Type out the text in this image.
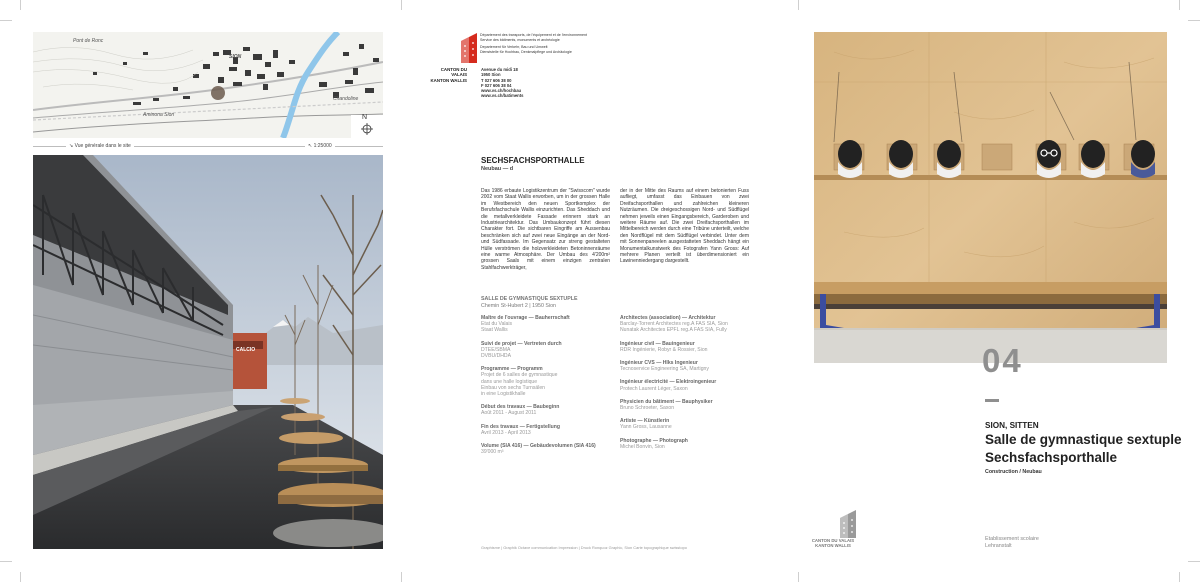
Pont de Ronc
SION
Chandoline
Aminona Sion	N
↘ Vue générale dans le site	↖ 1:25000
CALCIO
Département des transports, de l'équipement et de l'environnement
Service des bâtiments, monuments et archéologie
Departement für Verkehr, Bau und Umwelt
Dienststelle für Hochbau, Denkmalpflege und Archäologie
CANTON DU VALAIS
KANTON WALLIS
Avenue du midi 18
1950 Sion
T 027 606 38 00
F 027 606 38 04
www.vs.ch/hochbau
www.vs.ch/batiments
SECHSFACHSPORTHALLE
Neubau — d
Das 1986 erbaute Logistikzentrum der "Swisscom" wurde 2002 vom Staat Wallis erworben, um in der grossen Halle im Westbereich den neuen Sportkomplex der Berufsfachschule Wallis einzurichten. Das Sheddach und die metallverkleidete Fassade erinnern stark an Industriearchitektur. Das Umbaukonzept führt diesen Charakter fort. Die sichtbaren Eingriffe am Aussenbau beschränken sich auf zwei neue Eingänge an der Nord- und Südfassade. Im Gegensatz zur streng gestalteten Hülle verströmen die holzverkleideten Betoninnenräume eine warme Atmosphäre. Der Umbau des 4'200m² grossen Saals mit einem einzigen zentralen Stahlfachwerkträger,
der in der Mitte des Raums auf einem betonierten Fuss aufliegt, umfasst das Einbauen von zwei Dreifachsporthallen und zahlreichen kleineren Nutzräumen. Die dreigeschossigen Nord- und Südflügel nehmen jeweils einen Eingangsbereich, Garderoben und weitere Räume auf. Die zwei Dreifachsporthallen im Mittelbereich werden durch eine Tribüne unterteilt, welche den Nordflügel mit dem Südflügel verbindet. Unter dem mit Sonnenpaneelen ausgestatteten Sheddach hängt ein Monumentalkunstwerk des Fotografen Yann Gross: Auf mehrere Planen verteilt ist überdimensioniert ein Lawinenniedergang dargestellt.
SALLE DE GYMNASTIQUE SEXTUPLE
Chemin St-Hubert 2 | 1950 Sion
Maître de l'ouvrage — Bauherrschaft
Etat du Valais
Staat Wallis
Suivi de projet — Vertreten durch
DTEE/SBMA
DVBU/DHDA
Programme — Programm
Projet de 6 salles de gymnastique
dans une halle logistique
Einbau von sechs Turnsälen
in eine Logistikhalle
Début des travaux — Baubeginn
Août 2011 - August 2011
Fin des travaux — Fertigstellung
Avril 2013 - April 2013
Volume (SIA 416) — Gebäudevolumen (SIA 416)
39'000 m³
Architectes (association) — Architektur
Barclay-Torrent Architectes reg.A FAS SIA, Sion
Nunatak Architectes EPFL reg.A FAS SIA, Fully
Ingénieur civil — Bauingenieur
RDR Ingénierie, Robyr & Rossier, Sion
Ingénieur CVS — Hlks Ingenieur
Tecnoservice Engineering SA, Martigny
Ingénieur électricité — Elektroingenieur
Protech Laurent Léger, Saxon
Physicien du bâtiment — Bauphysiker
Bruno Schroeter, Saxon
Artiste — Künstlerin
Yann Gross, Lausanne
Photographe — Photograph
Michel Bonvin, Sion
Graphisme | Graphik Octave communication Impression | Druck Ronquoz Graphic, Sion Carte topographique swisstopo
04
SION, SITTEN
Salle de gymnastique sextuple
Sechsfachsporthalle
Construction / Neubau
CANTON DU VALAIS
KANTON WALLIS
Etablissement scolaire
Lehranstalt
